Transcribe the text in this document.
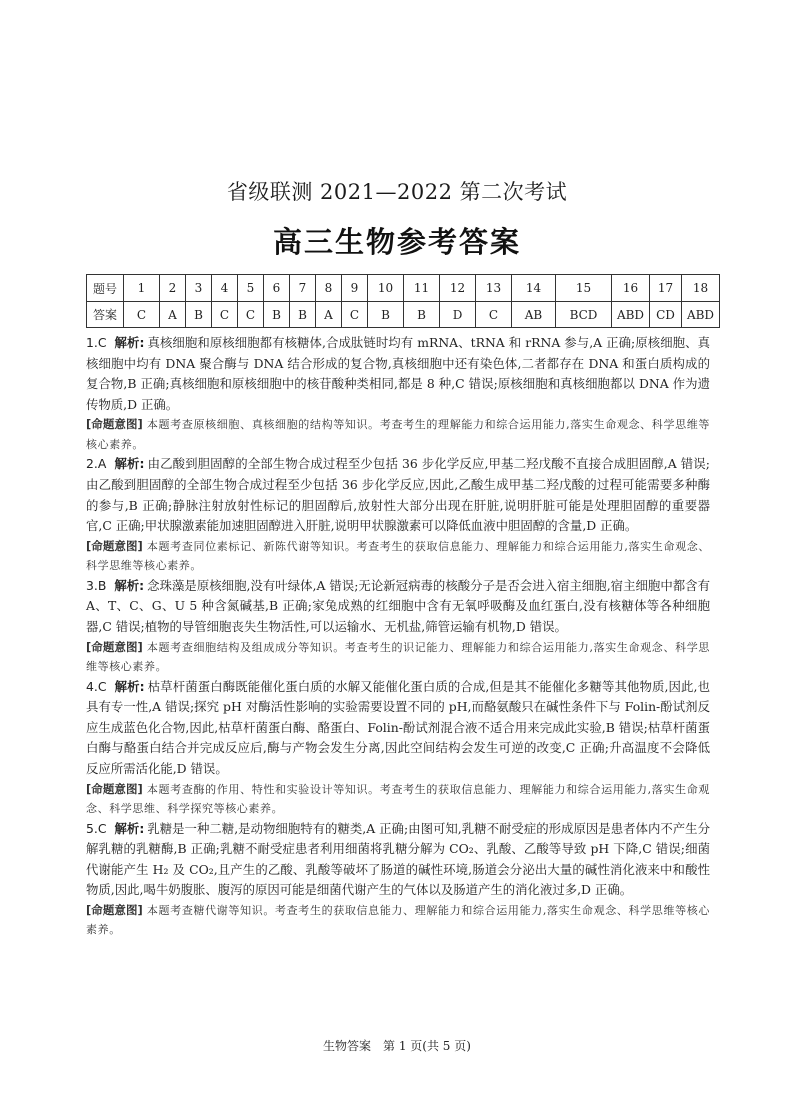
省级联测 2021—2022 第二次考试
高三生物参考答案
题号	1	2	3	4	5	6	7	8	9	10	11	12	13	14	15	16	17	18
答案	C	A	B	C	C	B	B	A	C	B	B	D	C	AB	BCD	ABD	CD	ABD

1.C 解析: 真核细胞和原核细胞都有核糖体,合成肽链时均有 mRNA、tRNA 和 rRNA 参与,A 正确;原核细胞、真核细胞中均有 DNA 聚合酶与 DNA 结合形成的复合物,真核细胞中还有染色体,二者都存在 DNA 和蛋白质构成的复合物,B 正确;真核细胞和原核细胞中的核苷酸种类相同,都是 8 种,C 错误;原核细胞和真核细胞都以 DNA 作为遗传物质,D 正确。

[命题意图] 本题考查原核细胞、真核细胞的结构等知识。考查考生的理解能力和综合运用能力,落实生命观念、科学思维等核心素养。

2.A 解析: 由乙酸到胆固醇的全部生物合成过程至少包括 36 步化学反应,甲基二羟戊酸不直接合成胆固醇,A 错误;由乙酸到胆固醇的全部生物合成过程至少包括 36 步化学反应,因此,乙酸生成甲基二羟戊酸的过程可能需要多种酶的参与,B 正确;静脉注射放射性标记的胆固醇后,放射性大部分出现在肝脏,说明肝脏可能是处理胆固醇的重要器官,C 正确;甲状腺激素能加速胆固醇进入肝脏,说明甲状腺激素可以降低血液中胆固醇的含量,D 正确。

[命题意图] 本题考查同位素标记、新陈代谢等知识。考查考生的获取信息能力、理解能力和综合运用能力,落实生命观念、科学思维等核心素养。

3.B 解析: 念珠藻是原核细胞,没有叶绿体,A 错误;无论新冠病毒的核酸分子是否会进入宿主细胞,宿主细胞中都含有 A、T、C、G、U 5 种含氮碱基,B 正确;家兔成熟的红细胞中含有无氧呼吸酶及血红蛋白,没有核糖体等各种细胞器,C 错误;植物的导管细胞丧失生物活性,可以运输水、无机盐,筛管运输有机物,D 错误。

[命题意图] 本题考查细胞结构及组成成分等知识。考查考生的识记能力、理解能力和综合运用能力,落实生命观念、科学思维等核心素养。

4.C 解析: 枯草杆菌蛋白酶既能催化蛋白质的水解又能催化蛋白质的合成,但是其不能催化多糖等其他物质,因此,也具有专一性,A 错误;探究 pH 对酶活性影响的实验需要设置不同的 pH,而酪氨酸只在碱性条件下与 Folin-酚试剂反应生成蓝色化合物,因此,枯草杆菌蛋白酶、酪蛋白、Folin-酚试剂混合液不适合用来完成此实验,B 错误;枯草杆菌蛋白酶与酪蛋白结合并完成反应后,酶与产物会发生分离,因此空间结构会发生可逆的改变,C 正确;升高温度不会降低反应所需活化能,D 错误。

[命题意图] 本题考查酶的作用、特性和实验设计等知识。考查考生的获取信息能力、理解能力和综合运用能力,落实生命观念、科学思维、科学探究等核心素养。

5.C 解析: 乳糖是一种二糖,是动物细胞特有的糖类,A 正确;由图可知,乳糖不耐受症的形成原因是患者体内不产生分解乳糖的乳糖酶,B 正确;乳糖不耐受症患者利用细菌将乳糖分解为 CO₂、乳酸、乙酸等导致 pH 下降,C 错误;细菌代谢能产生 H₂ 及 CO₂,且产生的乙酸、乳酸等破坏了肠道的碱性环境,肠道会分泌出大量的碱性消化液来中和酸性物质,因此,喝牛奶腹胀、腹泻的原因可能是细菌代谢产生的气体以及肠道产生的消化液过多,D 正确。

[命题意图] 本题考查糖代谢等知识。考查考生的获取信息能力、理解能力和综合运用能力,落实生命观念、科学思维等核心素养。

生物答案　第 1 页(共 5 页)
